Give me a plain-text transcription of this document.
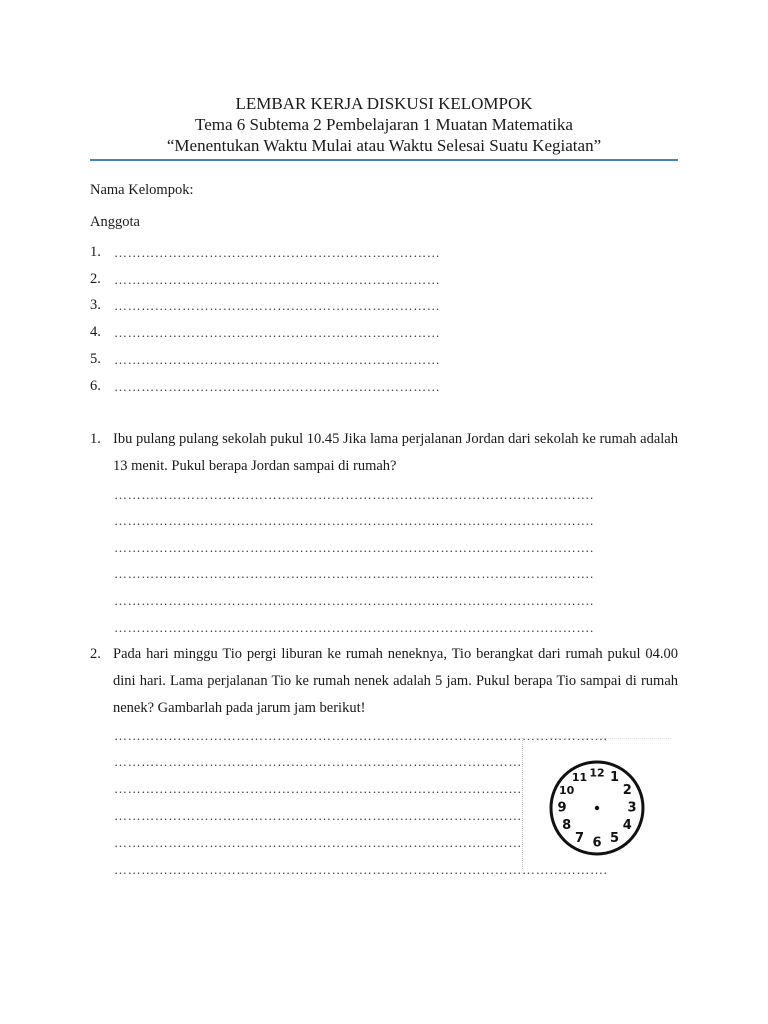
LEMBAR KERJA DISKUSI KELOMPOK
Tema 6 Subtema 2 Pembelajaran 1 Muatan Matematika
“Menentukan Waktu Mulai atau Waktu Selesai Suatu Kegiatan”
Nama Kelompok:
Anggota
1. ………………………………………………………………
2. ………………………………………………………………
3. ………………………………………………………………
4. ………………………………………………………………
5. ………………………………………………………………
6. ………………………………………………………………
1. Ibu pulang pulang sekolah pukul 10.45 Jika lama perjalanan Jordan dari sekolah ke rumah adalah 13 menit. Pukul berapa Jordan sampai di rumah?
…………………………………………………………………………………………….
…………………………………………………………………………………………….
…………………………………………………………………………………………….
…………………………………………………………………………………………….
…………………………………………………………………………………………….
…………………………………………………………………………………………….
2. Pada hari minggu Tio pergi liburan ke rumah neneknya, Tio berangkat dari rumah pukul 04.00 dini hari. Lama perjalanan Tio ke rumah nenek adalah 5 jam. Pukul berapa Tio sampai di rumah nenek? Gambarlah pada jarum jam berikut!
……………………………………………………………………………………………….
………………………………………………………………………………
………………………………………………………………………………
………………………………………………………………………………
………………………………………………………………………………
……………………………………………………………………………………………….
12 1
2
3
4
5
6
7
8
9
10
11
